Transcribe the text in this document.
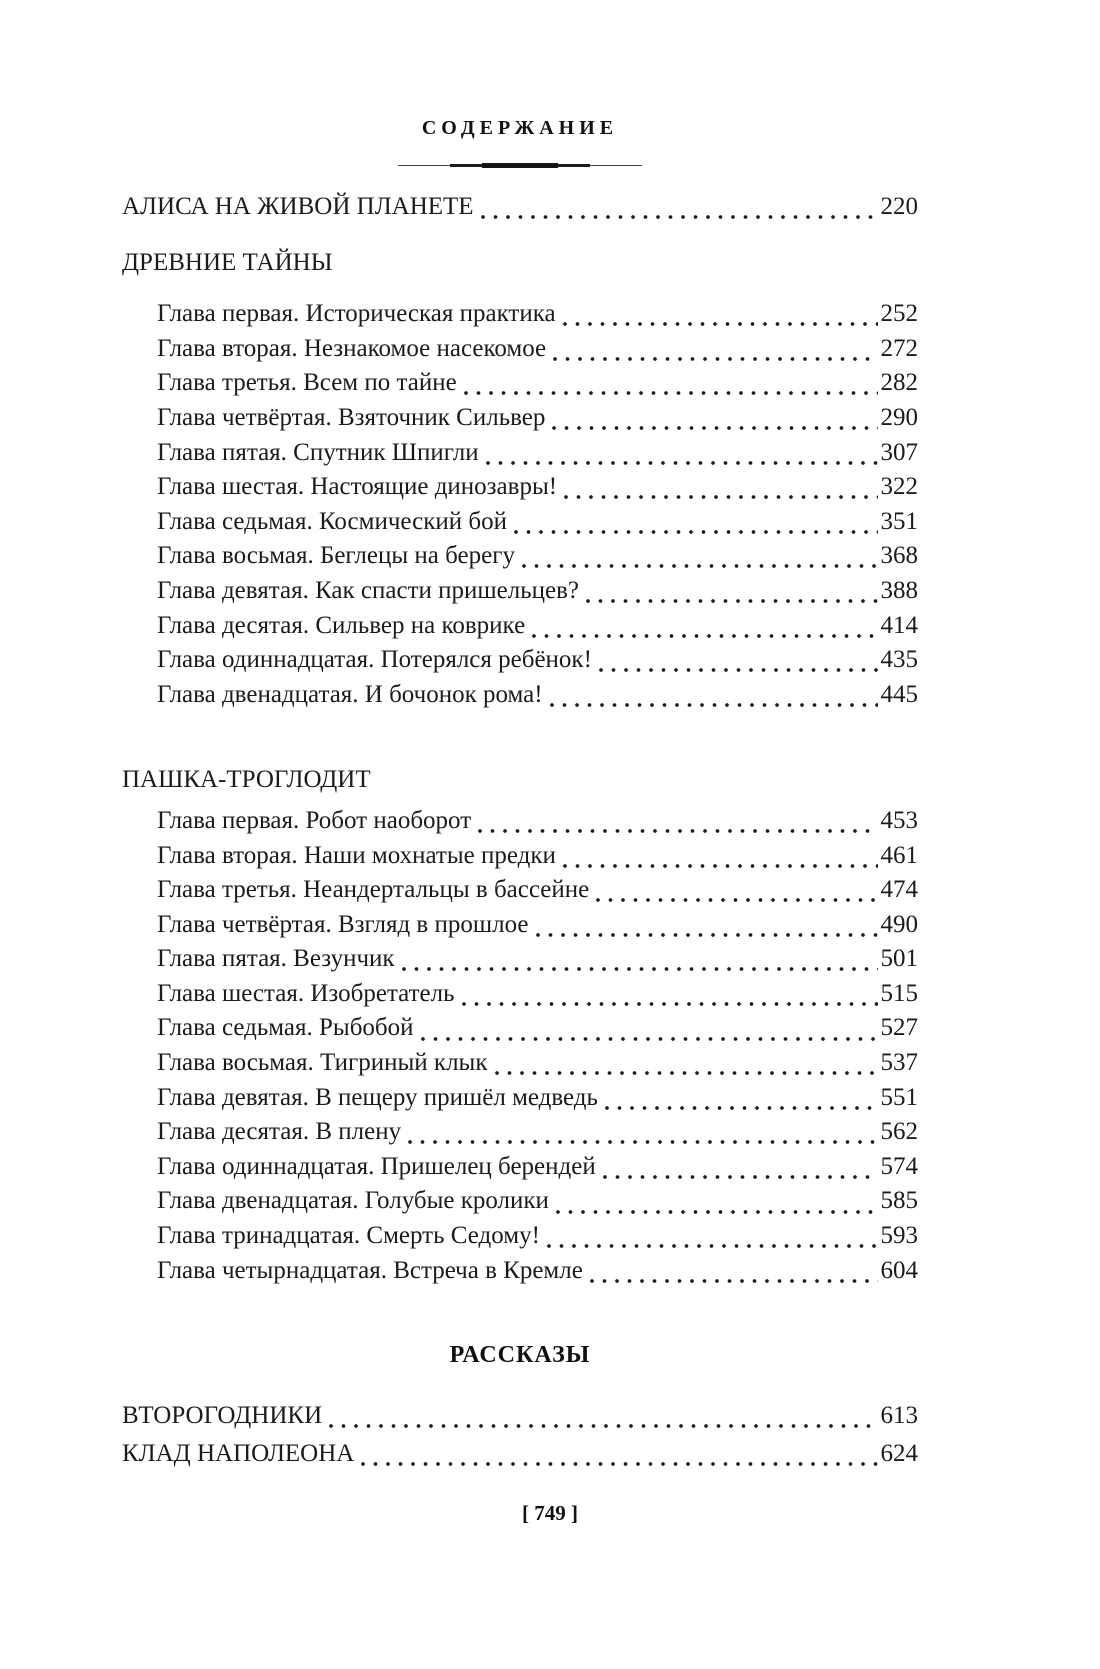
СОДЕРЖАНИЕ
АЛИСА НА ЖИВОЙ ПЛАНЕТЕ	220
ДРЕВНИЕ ТАЙНЫ
Глава первая. Историческая практика	252
Глава вторая. Незнакомое насекомое	272
Глава третья. Всем по тайне	282
Глава четвёртая. Взяточник Сильвер	290
Глава пятая. Спутник Шпигли	307
Глава шестая. Настоящие динозавры!	322
Глава седьмая. Космический бой	351
Глава восьмая. Беглецы на берегу	368
Глава девятая. Как спасти пришельцев?	388
Глава десятая. Сильвер на коврике	414
Глава одиннадцатая. Потерялся ребёнок!	435
Глава двенадцатая. И бочонок рома!	445
ПАШКА-ТРОГЛОДИТ
Глава первая. Робот наоборот	453
Глава вторая. Наши мохнатые предки	461
Глава третья. Неандертальцы в бассейне	474
Глава четвёртая. Взгляд в прошлое	490
Глава пятая. Везунчик	501
Глава шестая. Изобретатель	515
Глава седьмая. Рыбобой	527
Глава восьмая. Тигриный клык	537
Глава девятая. В пещеру пришёл медведь	551
Глава десятая. В плену	562
Глава одиннадцатая. Пришелец берендей	574
Глава двенадцатая. Голубые кролики	585
Глава тринадцатая. Смерть Седому!	593
Глава четырнадцатая. Встреча в Кремле	604
РАССКАЗЫ
ВТОРОГОДНИКИ	613
КЛАД НАПОЛЕОНА	624
[ 749 ]
